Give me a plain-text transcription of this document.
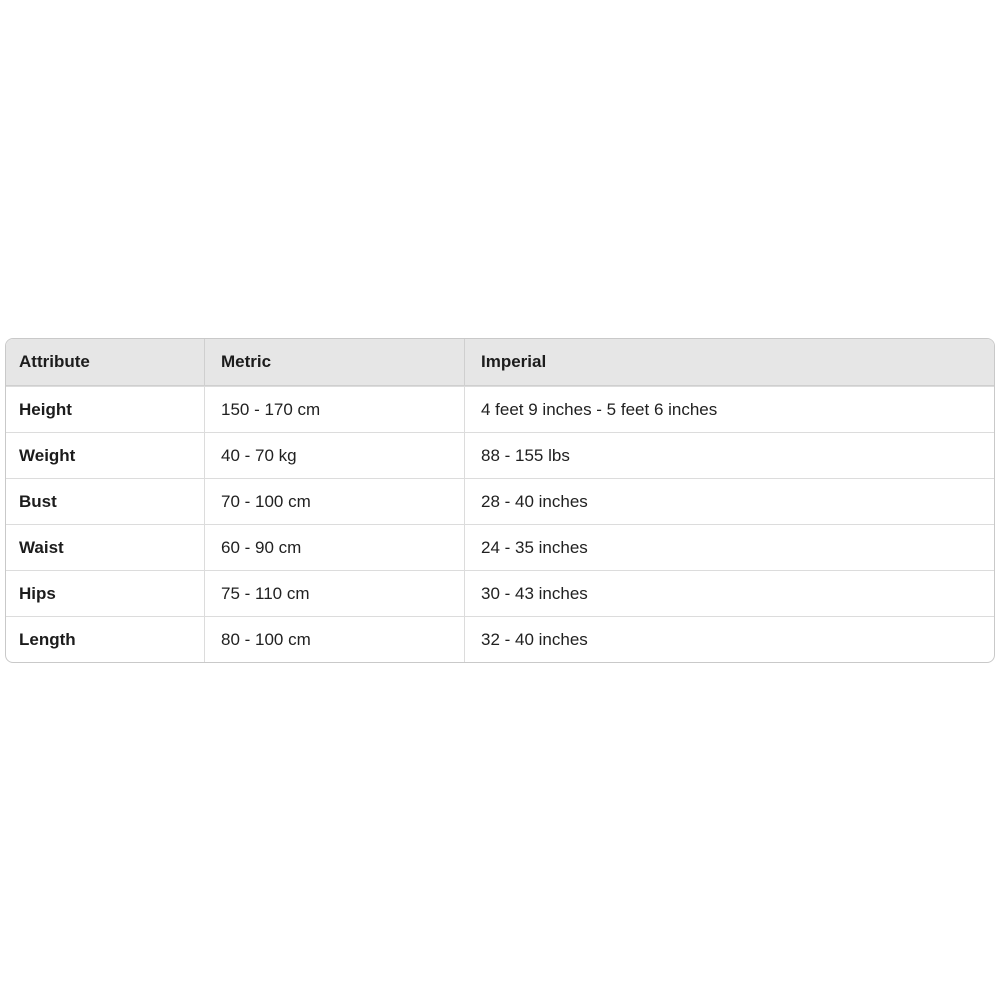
Attribute	Metric	Imperial
Height	150 - 170 cm	4 feet 9 inches - 5 feet 6 inches
Weight	40 - 70 kg	88 - 155 lbs
Bust	70 - 100 cm	28 - 40 inches
Waist	60 - 90 cm	24 - 35 inches
Hips	75 - 110 cm	30 - 43 inches
Length	80 - 100 cm	32 - 40 inches
